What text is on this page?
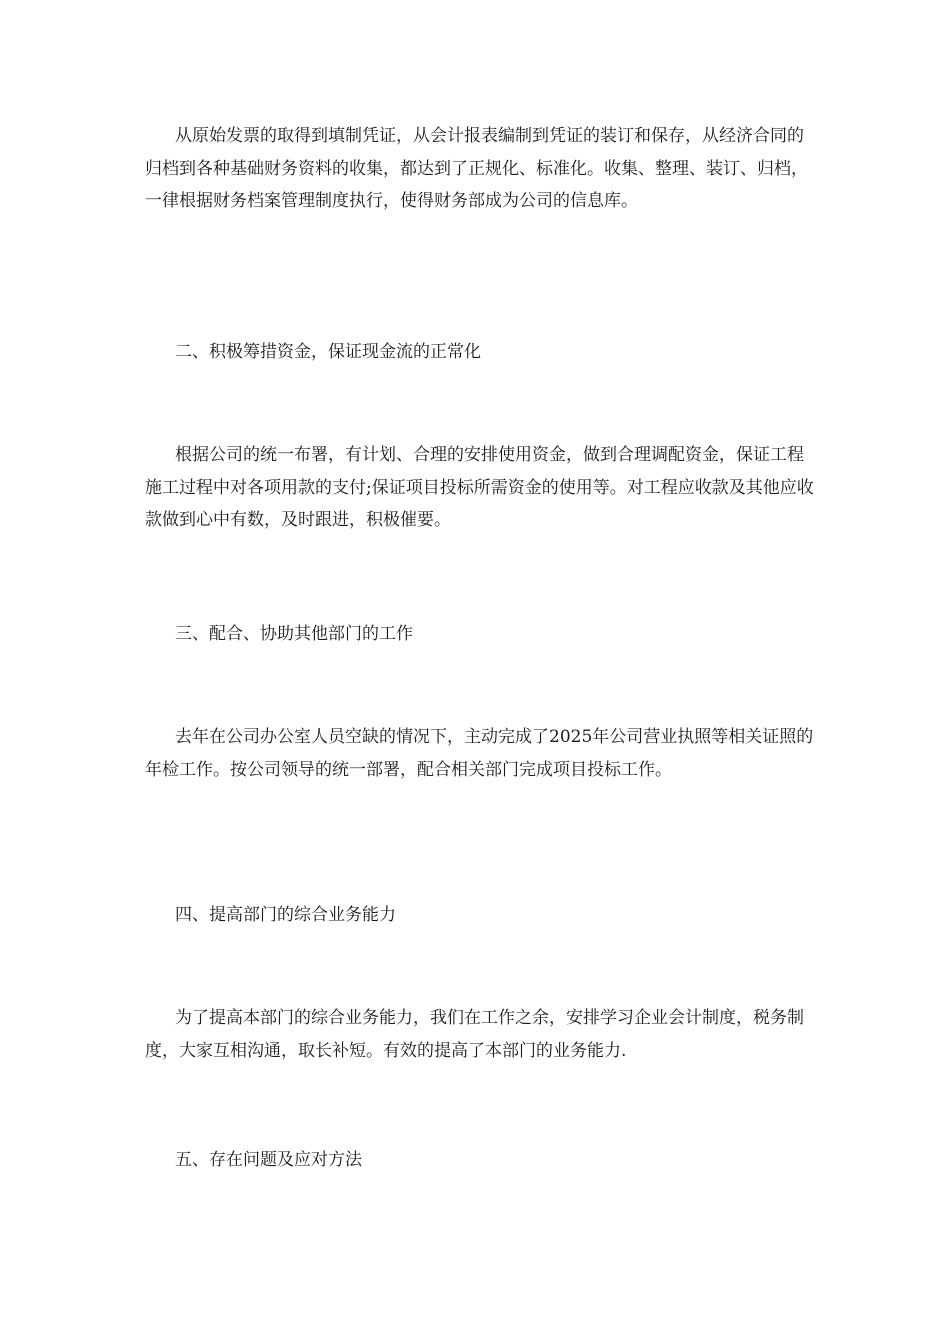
从原始发票的取得到填制凭证，从会计报表编制到凭证的装订和保存，从经济合同的归档到各种基础财务资料的收集，都达到了正规化、标准化。收集、整理、装订、归档，一律根据财务档案管理制度执行，使得财务部成为公司的信息库。

二、积极筹措资金，保证现金流的正常化

根据公司的统一布署，有计划、合理的安排使用资金，做到合理调配资金，保证工程施工过程中对各项用款的支付;保证项目投标所需资金的使用等。对工程应收款及其他应收款做到心中有数，及时跟进，积极催要。

三、配合、协助其他部门的工作

去年在公司办公室人员空缺的情况下，主动完成了2025年公司营业执照等相关证照的年检工作。按公司领导的统一部署，配合相关部门完成项目投标工作。

四、提高部门的综合业务能力

为了提高本部门的综合业务能力，我们在工作之余，安排学习企业会计制度，税务制度，大家互相沟通，取长补短。有效的提高了本部门的业务能力.

五、存在问题及应对方法
